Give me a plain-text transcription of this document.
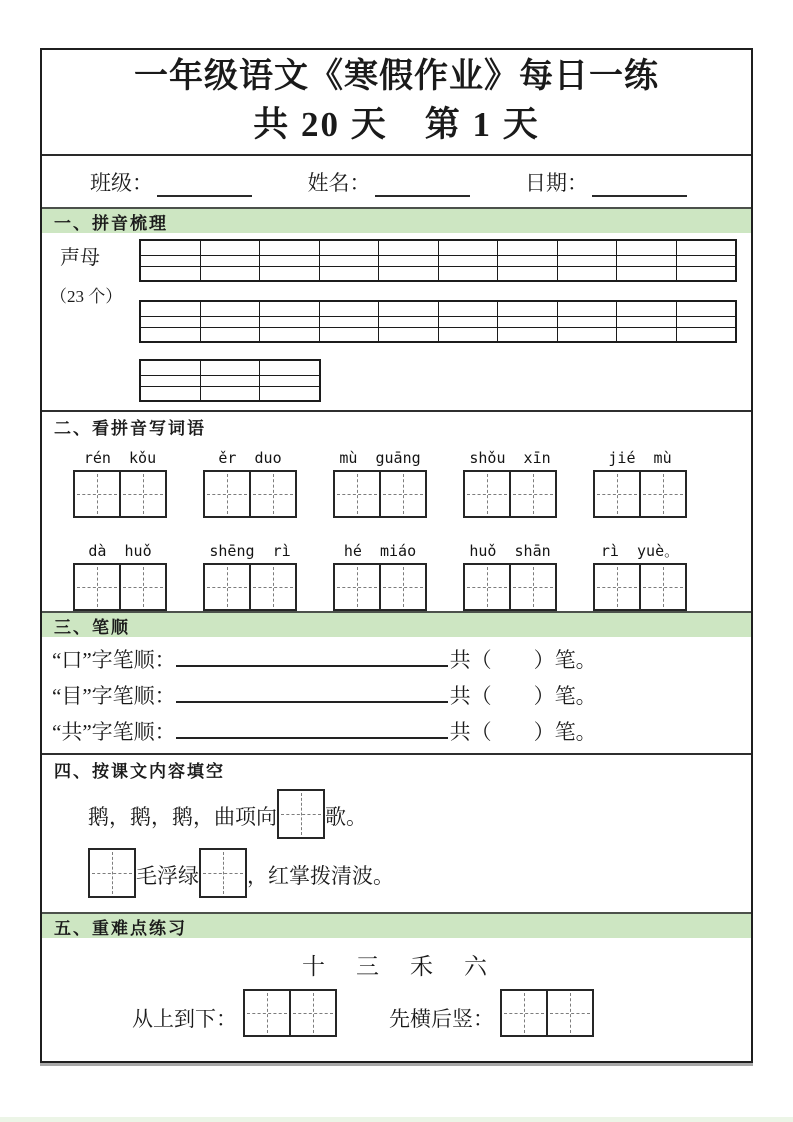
一年级语文《寒假作业》每日一练
共 20 天　第 1 天
班级：	姓名：	日期：
一、拼音梳理
声母
（23 个）
二、看拼音写词语
rén  kǒu	ěr  duo	mù  guāng	shǒu  xīn	jié  mù
dà  huǒ	shēng  rì	hé  miáo	huǒ  shān	rì  yuè。
三、笔顺
“口”字笔顺：	共（　　）笔。
“目”字笔顺：	共（　　）笔。
“共”字笔顺：	共（　　）笔。
四、按课文内容填空
鹅，鹅，鹅，曲项向 歌。
毛浮绿 ，红掌拨清波。
五、重难点练习
十　三　禾　六
从上到下：	先横后竖：
